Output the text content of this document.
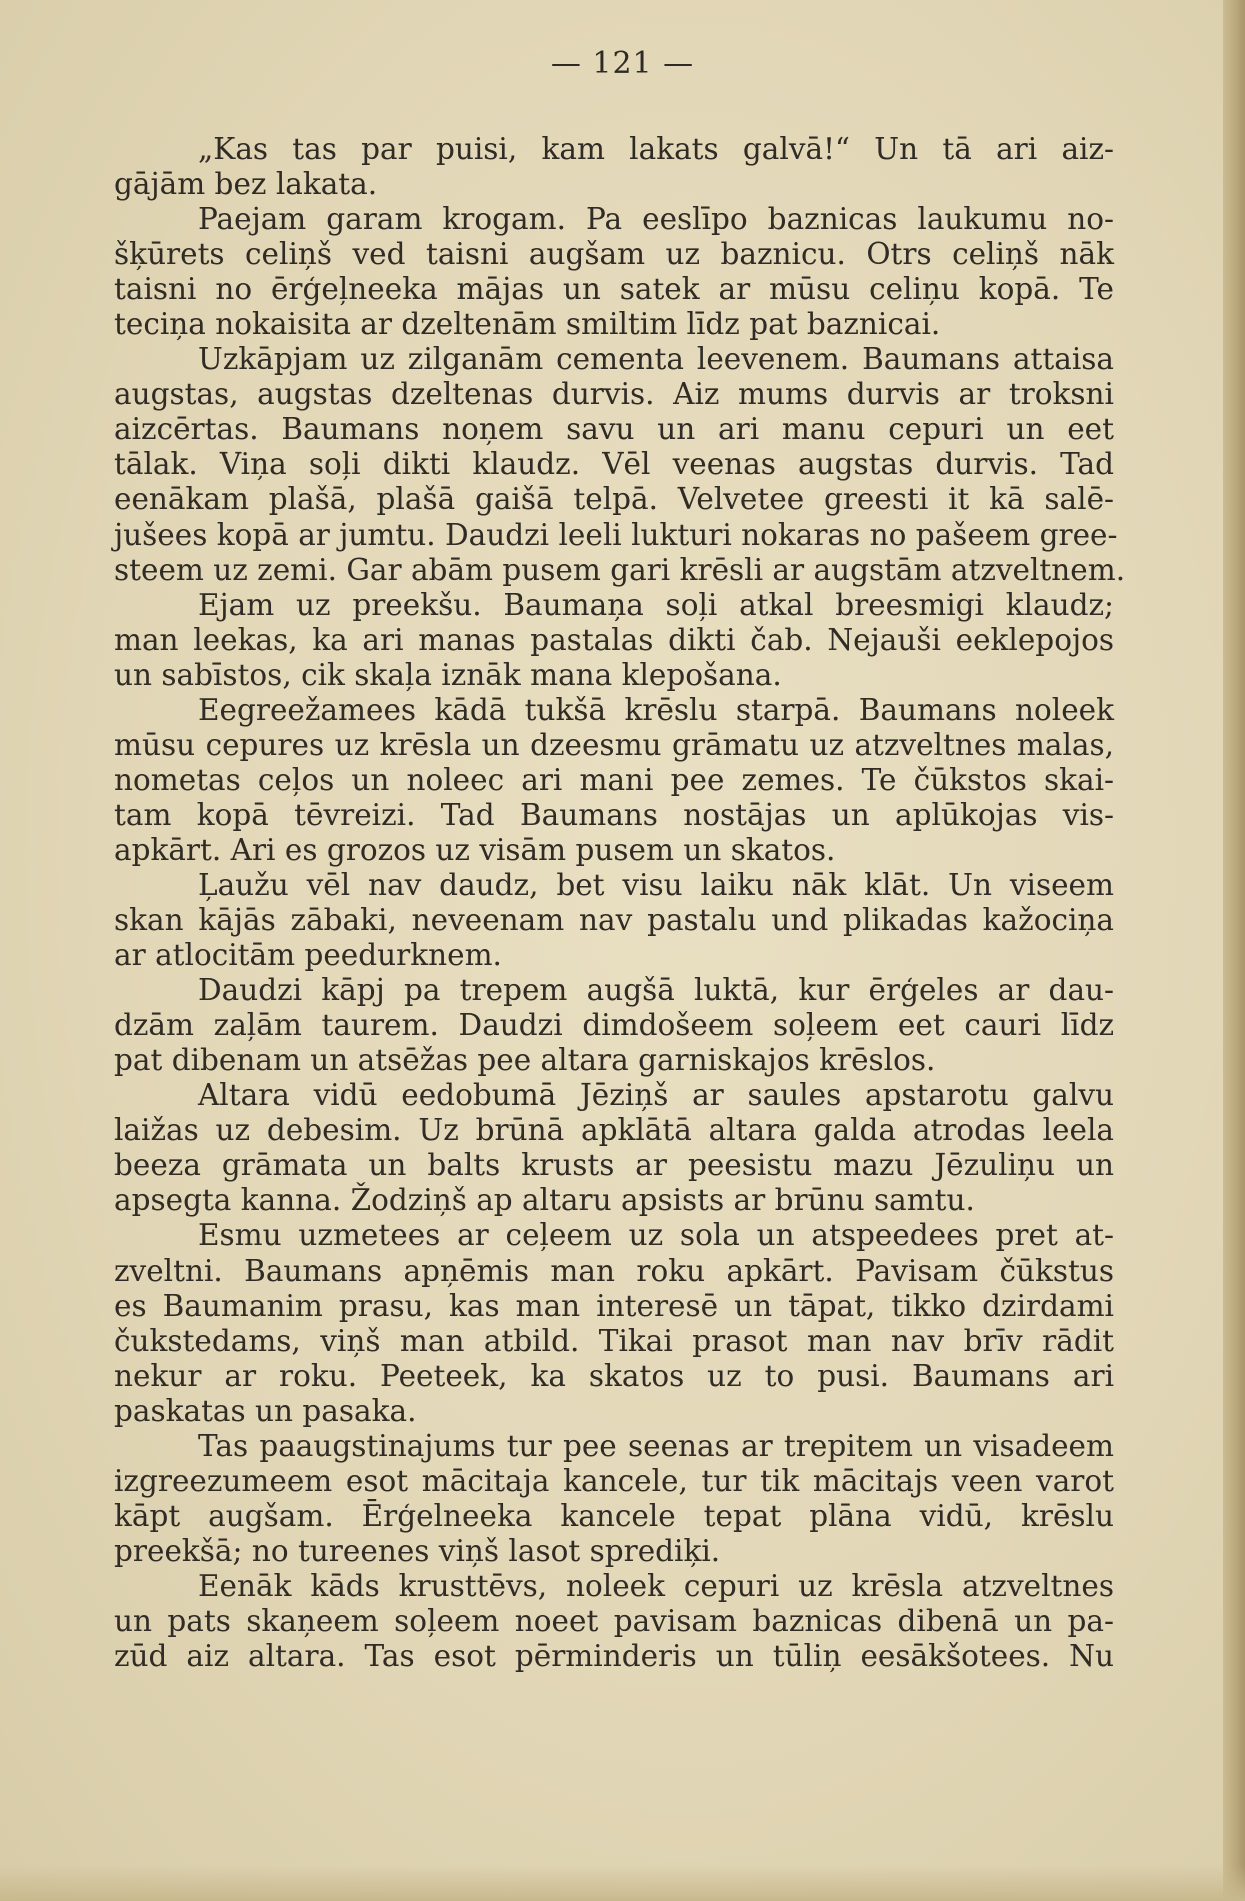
— 121 —
„Kas tas par puisi, kam lakats galvā!“ Un tā ari aiz-
gājām bez lakata.
Paejam garam krogam. Pa eeslīpo baznicas laukumu no-
šķūrets celiņš ved taisni augšam uz baznicu. Otrs celiņš nāk
taisni no ērģeļneeka mājas un satek ar mūsu celiņu kopā. Te
teciņa nokaisita ar dzeltenām smiltim līdz pat baznicai.
Uzkāpjam uz zilganām cementa leevenem. Baumans attaisa
augstas, augstas dzeltenas durvis. Aiz mums durvis ar troksni
aizcērtas. Baumans noņem savu un ari manu cepuri un eet
tālak. Viņa soļi dikti klaudz. Vēl veenas augstas durvis. Tad
eenākam plašā, plašā gaišā telpā. Velvetee greesti it kā salē-
jušees kopā ar jumtu. Daudzi leeli lukturi nokaras no pašeem gree-
steem uz zemi. Gar abām pusem gari krēsli ar augstām atzveltnem.
Ejam uz preekšu. Baumaņa soļi atkal breesmigi klaudz;
man leekas, ka ari manas pastalas dikti čab. Nejauši eeklepojos
un sabīstos, cik skaļa iznāk mana klepošana.
Eegreežamees kādā tukšā krēslu starpā. Baumans noleek
mūsu cepures uz krēsla un dzeesmu grāmatu uz atzveltnes malas,
nometas ceļos un noleec ari mani pee zemes. Te čūkstos skai-
tam kopā tēvreizi. Tad Baumans nostājas un aplūkojas vis-
apkārt. Ari es grozos uz visām pusem un skatos.
Ļaužu vēl nav daudz, bet visu laiku nāk klāt. Un viseem
skan kājās zābaki, neveenam nav pastalu und plikadas kažociņa
ar atlocitām peedurknem.
Daudzi kāpj pa trepem augšā luktā, kur ērģeles ar dau-
dzām zaļām taurem. Daudzi dimdošeem soļeem eet cauri līdz
pat dibenam un atsēžas pee altara garniskajos krēslos.
Altara vidū eedobumā Jēziņš ar saules apstarotu galvu
laižas uz debesim. Uz brūnā apklātā altara galda atrodas leela
beeza grāmata un balts krusts ar peesistu mazu Jēzuliņu un
apsegta kanna. Žodziņš ap altaru apsists ar brūnu samtu.
Esmu uzmetees ar ceļeem uz sola un atspeedees pret at-
zveltni. Baumans apņēmis man roku apkārt. Pavisam čūkstus
es Baumanim prasu, kas man interesē un tāpat, tikko dzirdami
čukstedams, viņš man atbild. Tikai prasot man nav brīv rādit
nekur ar roku. Peeteek, ka skatos uz to pusi. Baumans ari
paskatas un pasaka.
Tas paaugstinajums tur pee seenas ar trepitem un visadeem
izgreezumeem esot mācitaja kancele, tur tik mācitajs veen varot
kāpt augšam. Ērģelneeka kancele tepat plāna vidū, krēslu
preekšā; no tureenes viņš lasot sprediķi.
Eenāk kāds krusttēvs, noleek cepuri uz krēsla atzveltnes
un pats skaņeem soļeem noeet pavisam baznicas dibenā un pa-
zūd aiz altara. Tas esot pērminderis un tūliņ eesākšotees. Nu
